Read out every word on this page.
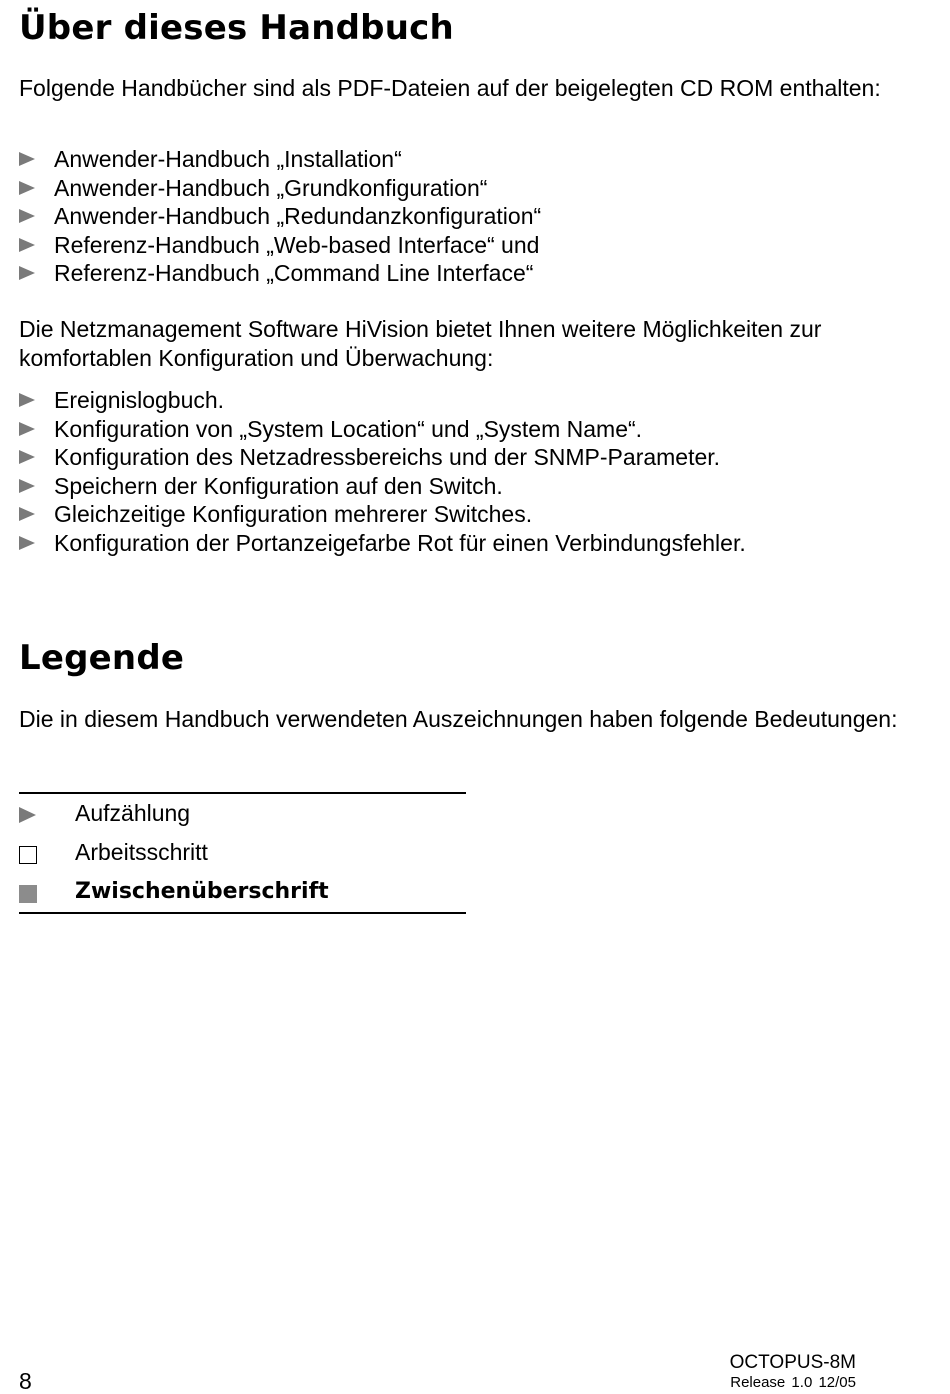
Über dieses Handbuch

Folgende Handbücher sind als PDF-Dateien auf der beigelegten CD ROM enthalten:

Anwender-Handbuch „Installation“
Anwender-Handbuch „Grundkonfiguration“
Anwender-Handbuch „Redundanzkonfiguration“
Referenz-Handbuch „Web-based Interface“ und
Referenz-Handbuch „Command Line Interface“

Die Netzmanagement Software HiVision bietet Ihnen weitere Möglichkeiten zur komfortablen Konfiguration und Überwachung:

Ereignislogbuch.
Konfiguration von „System Location“ und „System Name“.
Konfiguration des Netzadressbereichs und der SNMP-Parameter.
Speichern der Konfiguration auf den Switch.
Gleichzeitige Konfiguration mehrerer Switches.
Konfiguration der Portanzeigefarbe Rot für einen Verbindungsfehler.
Legende

Die in diesem Handbuch verwendeten Auszeichnungen haben folgende Bedeutungen:

Aufzählung
Arbeitsschritt
Zwischenüberschrift
8
OCTOPUS-8M
Release 1.0 12/05
